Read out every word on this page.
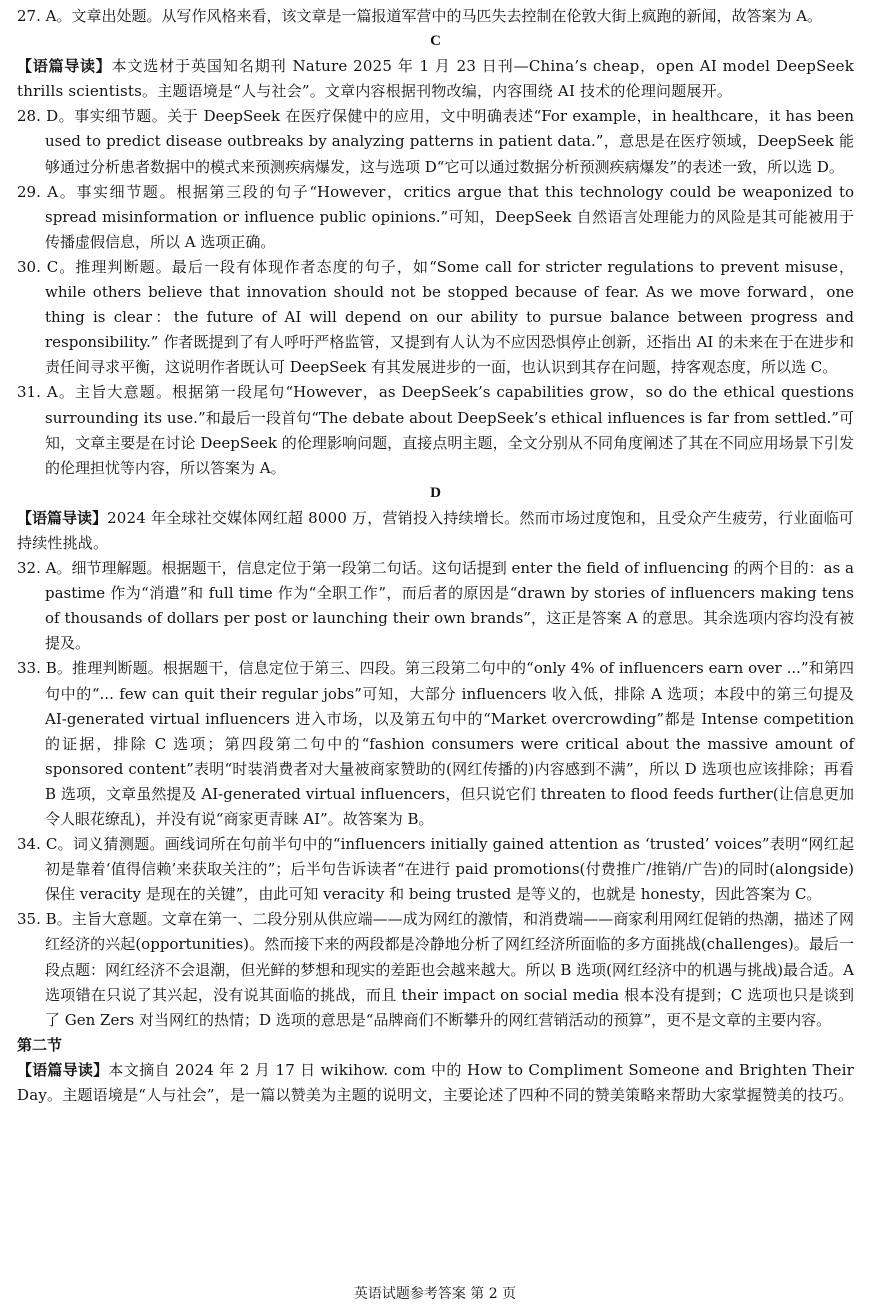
27. A。文章出处题。从写作风格来看，该文章是一篇报道军营中的马匹失去控制在伦敦大街上疯跑的新闻，故答案为 A。

C

【语篇导读】本文选材于英国知名期刊 Nature 2025 年 1 月 23 日刊—China’s cheap，open AI model DeepSeek thrills scientists。主题语境是“人与社会”。文章内容根据刊物改编，内容围绕 AI 技术的伦理问题展开。

28. D。事实细节题。关于 DeepSeek 在医疗保健中的应用，文中明确表述“For example，in healthcare，it has been used to predict disease outbreaks by analyzing patterns in patient data.”，意思是在医疗领域，DeepSeek 能够通过分析患者数据中的模式来预测疾病爆发，这与选项 D“它可以通过数据分析预测疾病爆发”的表述一致，所以选 D。

29. A。事实细节题。根据第三段的句子“However，critics argue that this technology could be weaponized to spread misinformation or influence public opinions.”可知，DeepSeek 自然语言处理能力的风险是其可能被用于传播虚假信息，所以 A 选项正确。

30. C。推理判断题。最后一段有体现作者态度的句子，如“Some call for stricter regulations to prevent misuse，while others believe that innovation should not be stopped because of fear. As we move forward，one thing is clear：the future of AI will depend on our ability to pursue balance between progress and responsibility.” 作者既提到了有人呼吁严格监管，又提到有人认为不应因恐惧停止创新，还指出 AI 的未来在于在进步和责任间寻求平衡，这说明作者既认可 DeepSeek 有其发展进步的一面，也认识到其存在问题，持客观态度，所以选 C。

31. A。主旨大意题。根据第一段尾句“However，as DeepSeek’s capabilities grow，so do the ethical questions surrounding its use.”和最后一段首句“The debate about DeepSeek’s ethical influences is far from settled.”可知，文章主要是在讨论 DeepSeek 的伦理影响问题，直接点明主题，全文分别从不同角度阐述了其在不同应用场景下引发的伦理担忧等内容，所以答案为 A。

D

【语篇导读】2024 年全球社交媒体网红超 8000 万，营销投入持续增长。然而市场过度饱和，且受众产生疲劳，行业面临可持续性挑战。

32. A。细节理解题。根据题干，信息定位于第一段第二句话。这句话提到 enter the field of influencing 的两个目的：as a pastime 作为“消遣”和 full time 作为“全职工作”，而后者的原因是“drawn by stories of influencers making tens of thousands of dollars per post or launching their own brands”，这正是答案 A 的意思。其余选项内容均没有被提及。

33. B。推理判断题。根据题干，信息定位于第三、四段。第三段第二句中的“only 4% of influencers earn over ...”和第四句中的“... few can quit their regular jobs”可知，大部分 influencers 收入低，排除 A 选项；本段中的第三句提及 AI-generated virtual influencers 进入市场，以及第五句中的“Market overcrowding”都是 Intense competition 的证据，排除 C 选项；第四段第二句中的“fashion consumers were critical about the massive amount of sponsored content”表明“时装消费者对大量被商家赞助的(网红传播的)内容感到不满”，所以 D 选项也应该排除；再看 B 选项，文章虽然提及 AI-generated virtual influencers，但只说它们 threaten to flood feeds further(让信息更加令人眼花缭乱)，并没有说“商家更青睐 AI”。故答案为 B。

34. C。词义猜测题。画线词所在句前半句中的“influencers initially gained attention as ‘trusted’ voices”表明“网红起初是靠着‘值得信赖’来获取关注的”；后半句告诉读者“在进行 paid promotions(付费推广/推销/广告)的同时(alongside)保住 veracity 是现在的关键”，由此可知 veracity 和 being trusted 是等义的，也就是 honesty，因此答案为 C。

35. B。主旨大意题。文章在第一、二段分别从供应端——成为网红的激情，和消费端——商家利用网红促销的热潮，描述了网红经济的兴起(opportunities)。然而接下来的两段都是冷静地分析了网红经济所面临的多方面挑战(challenges)。最后一段点题：网红经济不会退潮，但光鲜的梦想和现实的差距也会越来越大。所以 B 选项(网红经济中的机遇与挑战)最合适。A 选项错在只说了其兴起，没有说其面临的挑战，而且 their impact on social media 根本没有提到；C 选项也只是谈到了 Gen Zers 对当网红的热情；D 选项的意思是“品牌商们不断攀升的网红营销活动的预算”，更不是文章的主要内容。

第二节

【语篇导读】本文摘自 2024 年 2 月 17 日 wikihow. com 中的 How to Compliment Someone and Brighten Their Day。主题语境是“人与社会”，是一篇以赞美为主题的说明文，主要论述了四种不同的赞美策略来帮助大家掌握赞美的技巧。

英语试题参考答案 第 2 页
